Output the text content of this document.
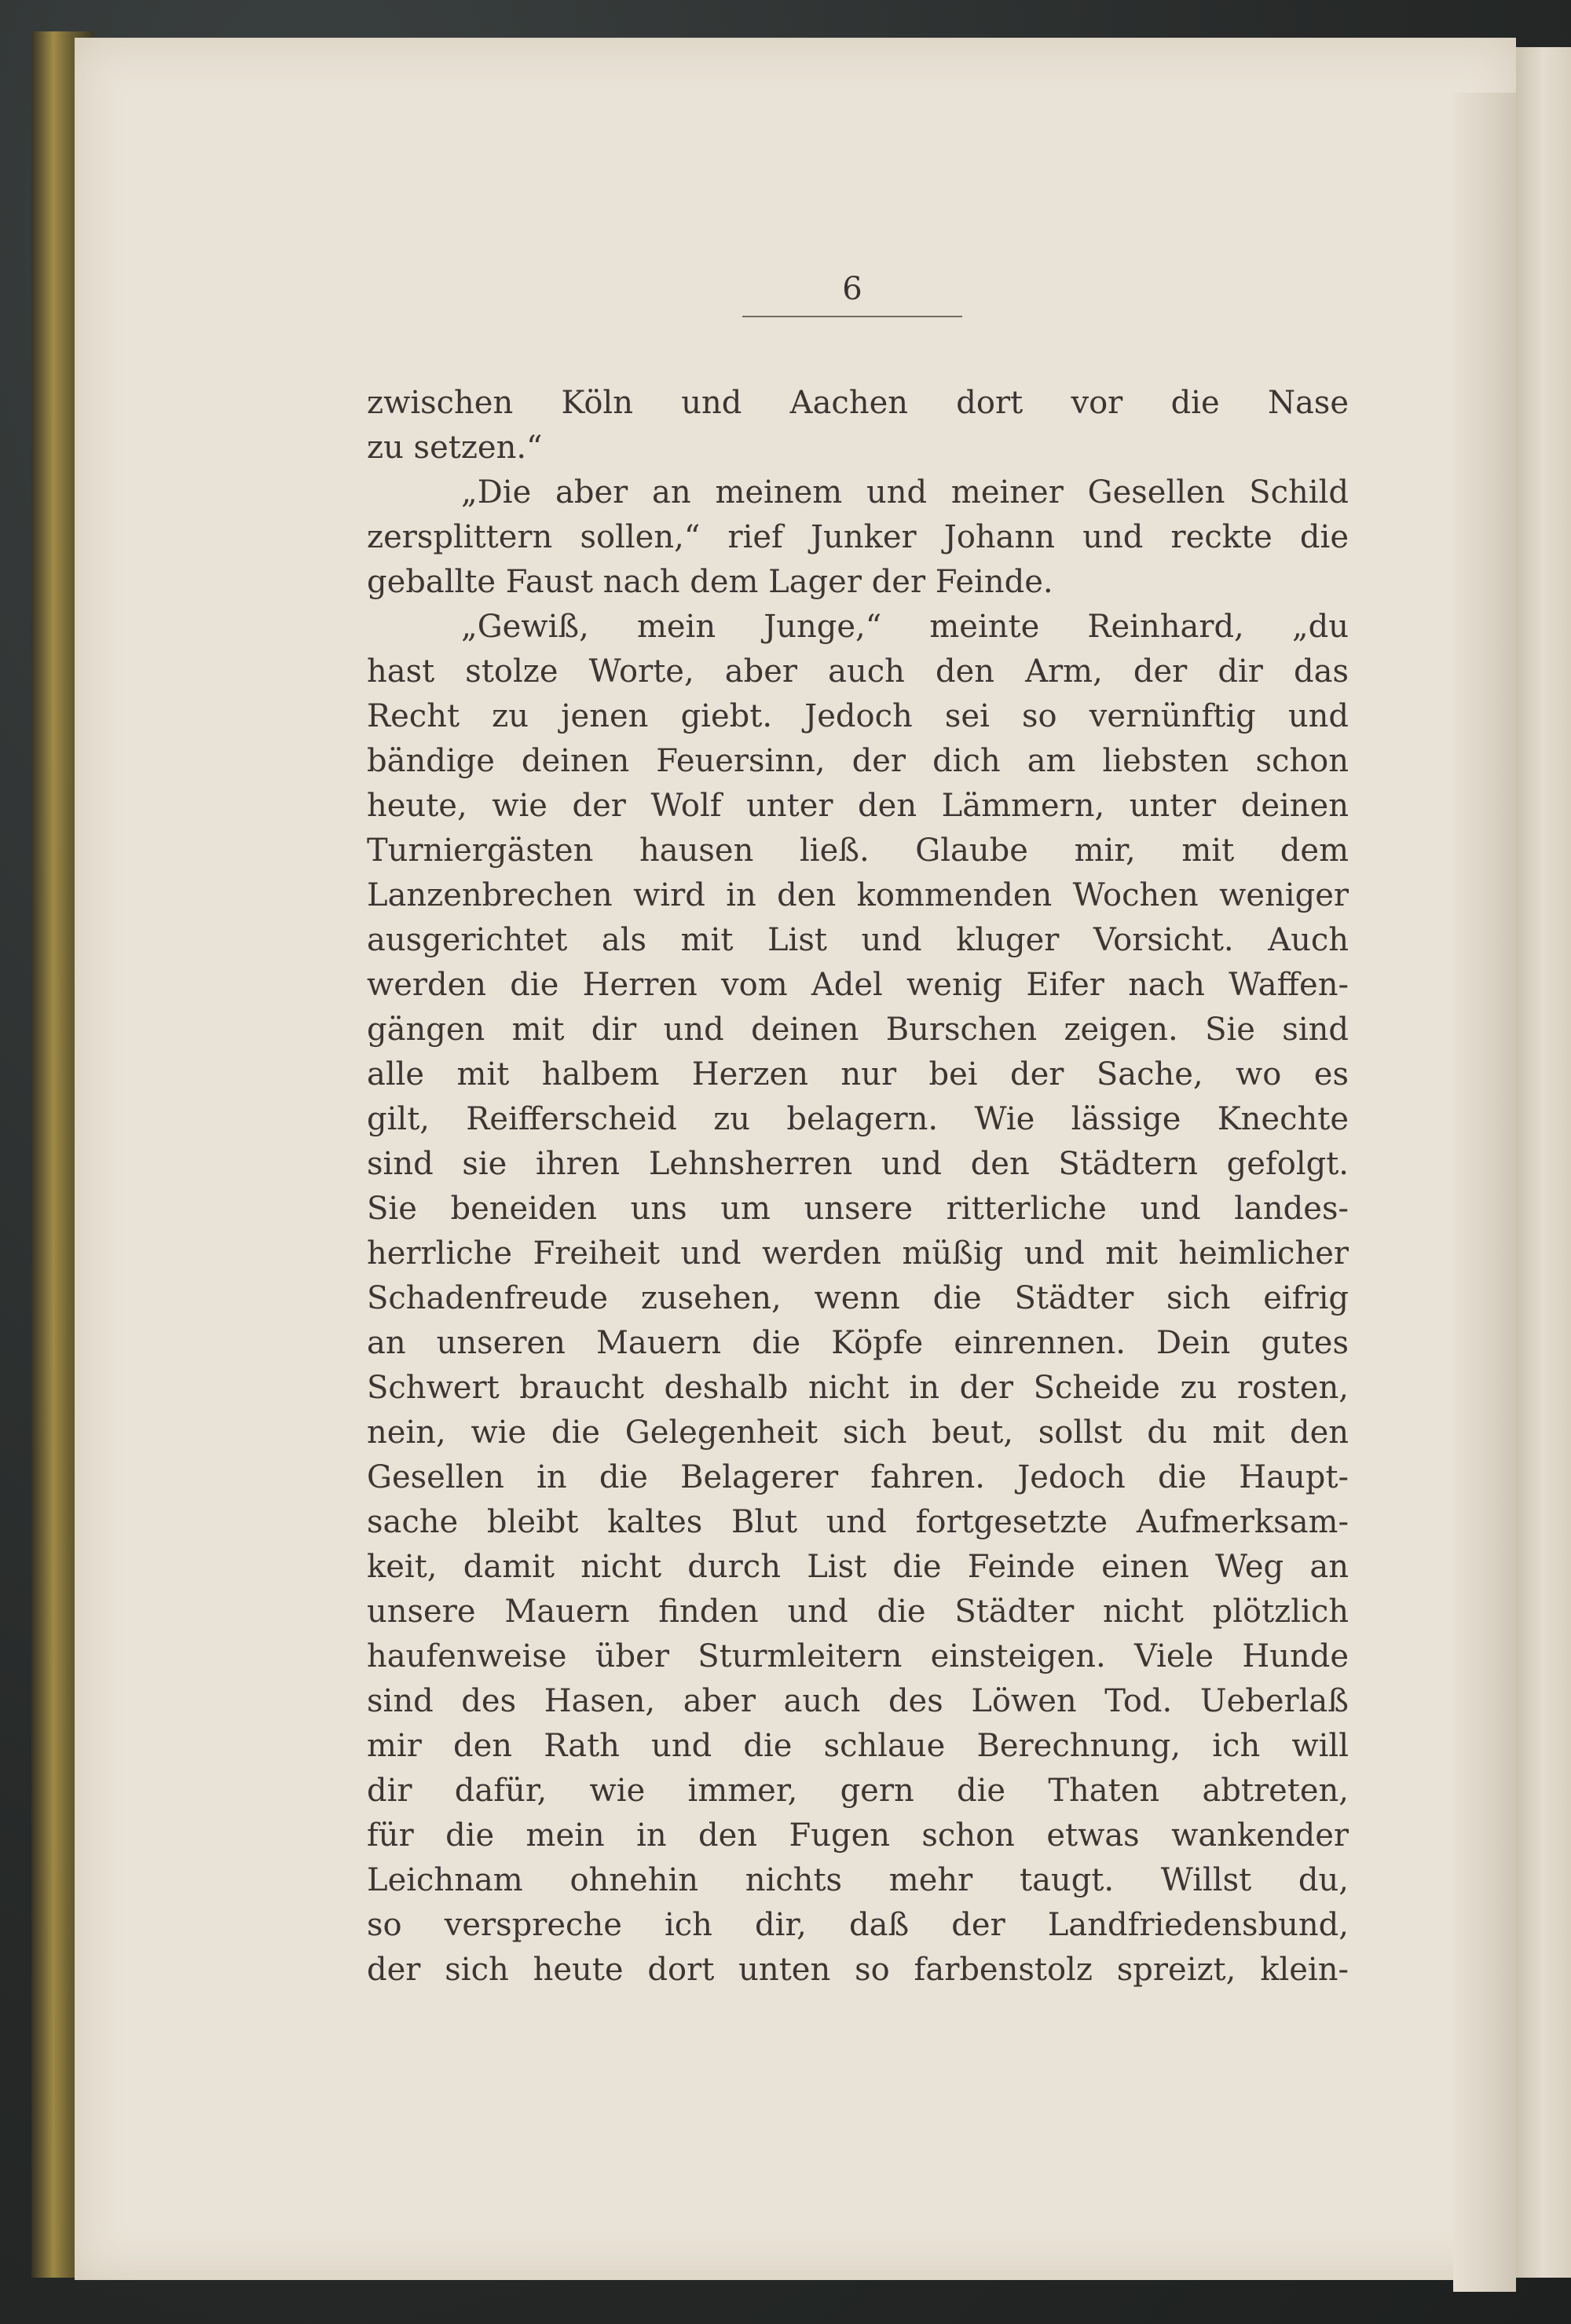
6
zwischen Köln und Aachen dort vor die Nase
zu setzen.“
„Die aber an meinem und meiner Gesellen Schild
zersplittern sollen,“ rief Junker Johann und reckte die
geballte Faust nach dem Lager der Feinde.
„Gewiß, mein Junge,“ meinte Reinhard, „du
hast stolze Worte, aber auch den Arm, der dir das
Recht zu jenen giebt. Jedoch sei so vernünftig und
bändige deinen Feuersinn, der dich am liebsten schon
heute, wie der Wolf unter den Lämmern, unter deinen
Turniergästen hausen ließ. Glaube mir, mit dem
Lanzenbrechen wird in den kommenden Wochen weniger
ausgerichtet als mit List und kluger Vorsicht. Auch
werden die Herren vom Adel wenig Eifer nach Waffen-
gängen mit dir und deinen Burschen zeigen. Sie sind
alle mit halbem Herzen nur bei der Sache, wo es
gilt, Reifferscheid zu belagern. Wie lässige Knechte
sind sie ihren Lehnsherren und den Städtern gefolgt.
Sie beneiden uns um unsere ritterliche und landes-
herrliche Freiheit und werden müßig und mit heimlicher
Schadenfreude zusehen, wenn die Städter sich eifrig
an unseren Mauern die Köpfe einrennen. Dein gutes
Schwert braucht deshalb nicht in der Scheide zu rosten,
nein, wie die Gelegenheit sich beut, sollst du mit den
Gesellen in die Belagerer fahren. Jedoch die Haupt-
sache bleibt kaltes Blut und fortgesetzte Aufmerksam-
keit, damit nicht durch List die Feinde einen Weg an
unsere Mauern finden und die Städter nicht plötzlich
haufenweise über Sturmleitern einsteigen. Viele Hunde
sind des Hasen, aber auch des Löwen Tod. Ueberlaß
mir den Rath und die schlaue Berechnung, ich will
dir dafür, wie immer, gern die Thaten abtreten,
für die mein in den Fugen schon etwas wankender
Leichnam ohnehin nichts mehr taugt. Willst du,
so verspreche ich dir, daß der Landfriedensbund,
der sich heute dort unten so farbenstolz spreizt, klein-
